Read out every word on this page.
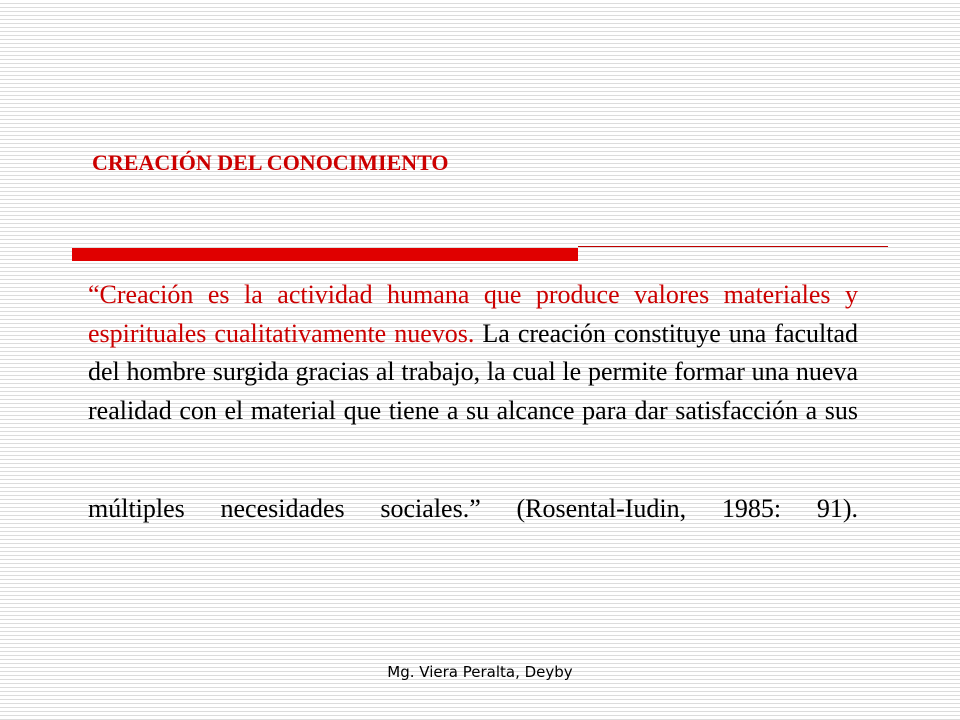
CREACIÓN DEL CONOCIMIENTO
“Creación es la actividad humana que produce valores materiales y espirituales cualitativamente nuevos. La creación constituye una facultad del hombre surgida gracias al trabajo, la cual le permite formar una nueva realidad con el material que tiene a su alcance para dar satisfacción a sus
múltiples necesidades sociales.” (Rosental-Iudin, 1985: 91).
Mg. Viera Peralta, Deyby
